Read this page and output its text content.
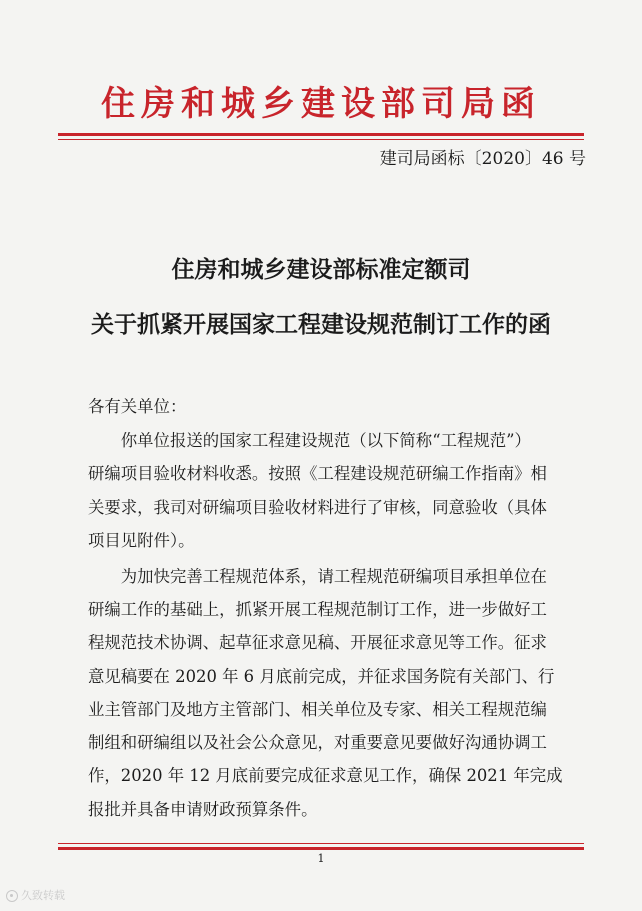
住房和城乡建设部司局函
建司局函标〔2020〕46 号
住房和城乡建设部标准定额司
关于抓紧开展国家工程建设规范制订工作的函
各有关单位：
　　你单位报送的国家工程建设规范（以下简称“工程规范”）
研编项目验收材料收悉。按照《工程建设规范研编工作指南》相
关要求，我司对研编项目验收材料进行了审核，同意验收（具体
项目见附件）。
　　为加快完善工程规范体系，请工程规范研编项目承担单位在
研编工作的基础上，抓紧开展工程规范制订工作，进一步做好工
程规范技术协调、起草征求意见稿、开展征求意见等工作。征求
意见稿要在 2020 年 6 月底前完成，并征求国务院有关部门、行
业主管部门及地方主管部门、相关单位及专家、相关工程规范编
制组和研编组以及社会公众意见，对重要意见要做好沟通协调工
作，2020 年 12 月底前要完成征求意见工作，确保 2021 年完成
报批并具备申请财政预算条件。
1
久致转载
